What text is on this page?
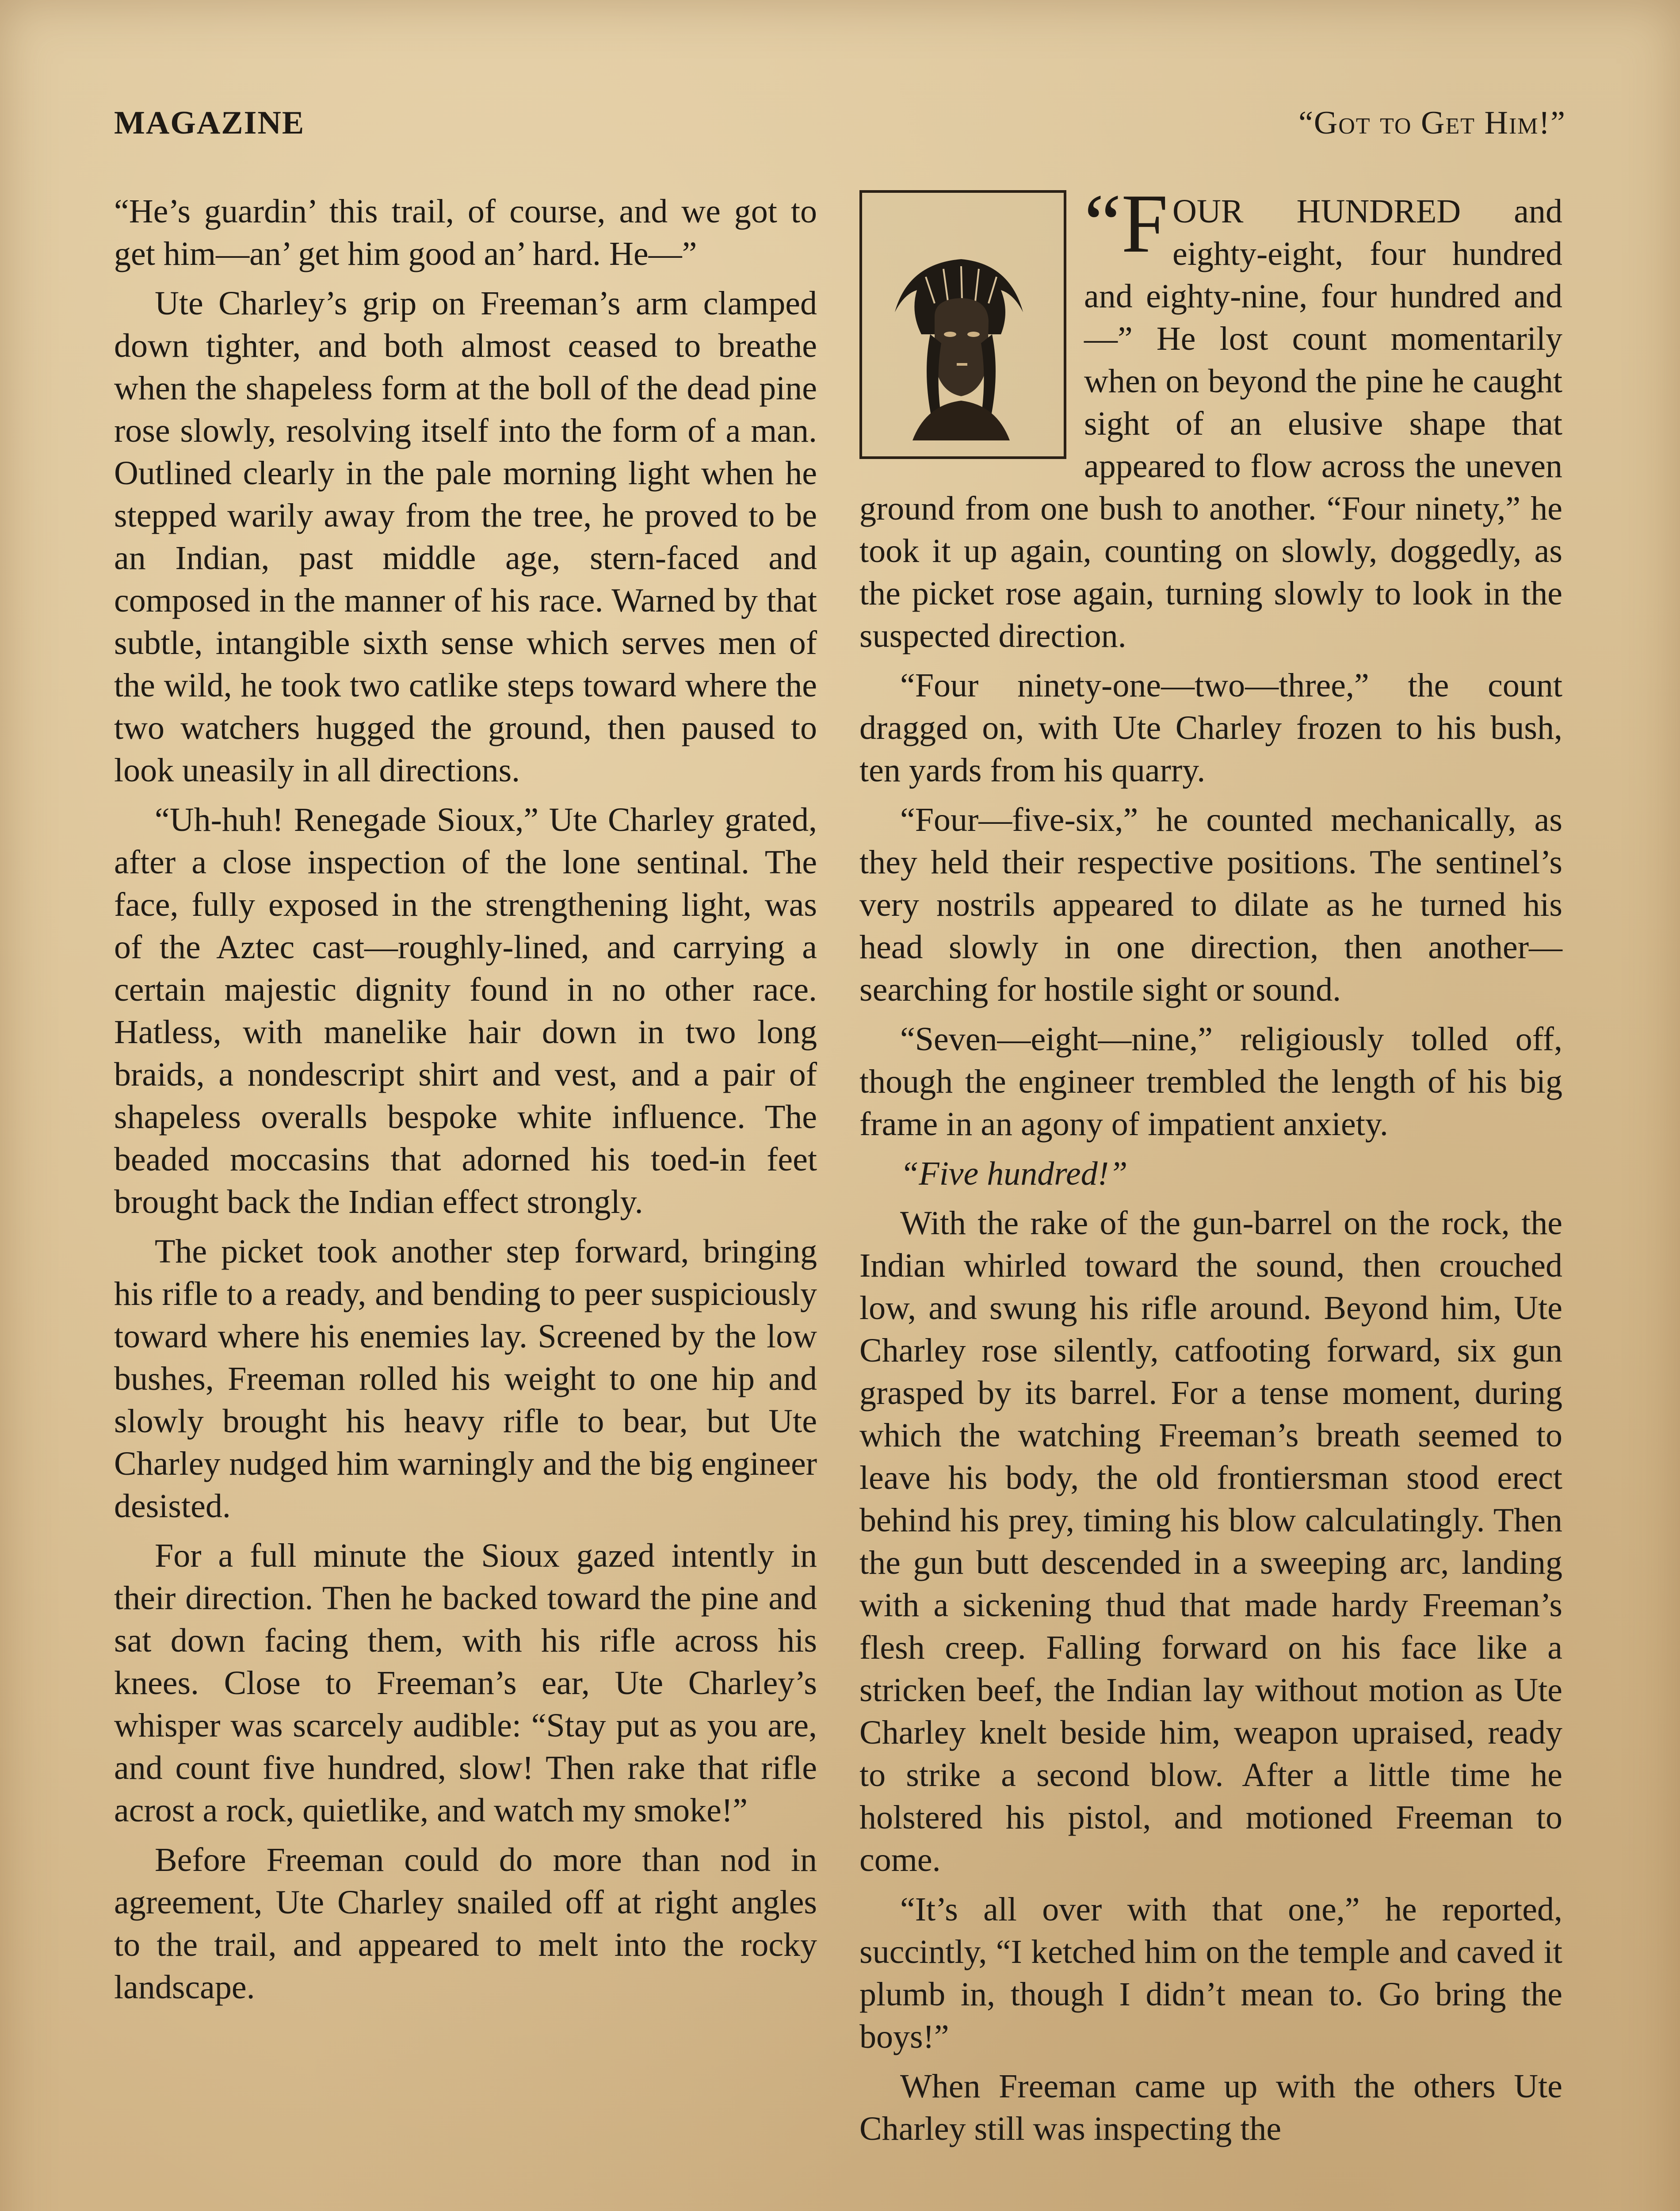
MAGAZINE	“Got to Get Him!”

“He’s guardin’ this trail, of course, and we got to get him—an’ get him good an’ hard. He—”

Ute Charley’s grip on Freeman’s arm clamped down tighter, and both almost ceased to breathe when the shapeless form at the boll of the dead pine rose slowly, resolving itself into the form of a man. Outlined clearly in the pale morning light when he stepped warily away from the tree, he proved to be an Indian, past middle age, stern-faced and composed in the manner of his race. Warned by that subtle, intangible sixth sense which serves men of the wild, he took two catlike steps toward where the two watchers hugged the ground, then paused to look uneasily in all directions.

“Uh-huh! Renegade Sioux,” Ute Charley grated, after a close inspection of the lone sentinal. The face, fully exposed in the strengthening light, was of the Aztec cast—roughly-lined, and carrying a certain majestic dignity found in no other race. Hatless, with manelike hair down in two long braids, a nondescript shirt and vest, and a pair of shapeless overalls bespoke white influence. The beaded moccasins that adorned his toed-in feet brought back the Indian effect strongly.

The picket took another step forward, bringing his rifle to a ready, and bending to peer suspiciously toward where his enemies lay. Screened by the low bushes, Freeman rolled his weight to one hip and slowly brought his heavy rifle to bear, but Ute Charley nudged him warningly and the big engineer desisted.

For a full minute the Sioux gazed intently in their direction. Then he backed toward the pine and sat down facing them, with his rifle across his knees. Close to Freeman’s ear, Ute Charley’s whisper was scarcely audible: “Stay put as you are, and count five hundred, slow! Then rake that rifle acrost a rock, quietlike, and watch my smoke!”

Before Freeman could do more than nod in agreement, Ute Charley snailed off at right angles to the trail, and appeared to melt into the rocky landscape.

“F OUR HUNDRED and eighty-eight, four hundred and eighty-nine, four hundred and—” He lost count momentarily when on beyond the pine he caught sight of an elusive shape that appeared to flow across the uneven ground from one bush to another. “Four ninety,” he took it up again, counting on slowly, doggedly, as the picket rose again, turning slowly to look in the suspected direction.

“Four ninety-one—two—three,” the count dragged on, with Ute Charley frozen to his bush, ten yards from his quarry.

“Four—five-six,” he counted mechanically, as they held their respective positions. The sentinel’s very nostrils appeared to dilate as he turned his head slowly in one direction, then another—searching for hostile sight or sound.

“Seven—eight—nine,” religiously tolled off, though the engineer trembled the length of his big frame in an agony of impatient anxiety.

“Five hundred!”

With the rake of the gun-barrel on the rock, the Indian whirled toward the sound, then crouched low, and swung his rifle around. Beyond him, Ute Charley rose silently, catfooting forward, six gun grasped by its barrel. For a tense moment, during which the watching Freeman’s breath seemed to leave his body, the old frontiersman stood erect behind his prey, timing his blow calculatingly. Then the gun butt descended in a sweeping arc, landing with a sickening thud that made hardy Freeman’s flesh creep. Falling forward on his face like a stricken beef, the Indian lay without motion as Ute Charley knelt beside him, weapon upraised, ready to strike a second blow. After a little time he holstered his pistol, and motioned Freeman to come.

“It’s all over with that one,” he reported, succintly, “I ketched him on the temple and caved it plumb in, though I didn’t mean to. Go bring the boys!”

When Freeman came up with the others Ute Charley still was inspecting the
